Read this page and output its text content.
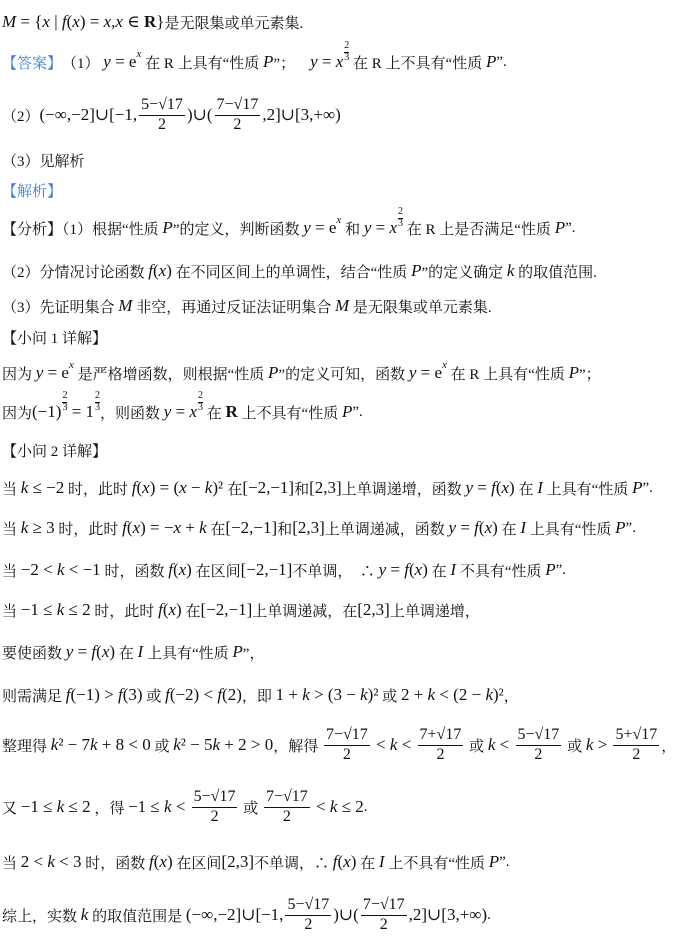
M = { x | f ( x ) = x,x ∈ R } 是无限集或单元素集.
【答案】 （1） y = e x
在 R 上具有“性质 P ”； y = x $\frac{2}{3}$
在 R 上不具有“性质 P ”.
（2） (−∞,−2]∪[−1, $\frac{5-√17}{2}$ )∪( $\frac{7-√17}{2}$ ,2]∪[3,+∞)
（3）见解析
【解析】
【分析】（1）根据“性质 P ”的定义，判断函数 y = e x
和 y = x $\frac{2}{3}$
在 R 上是否满足“性质 P ”.
（2）分情况讨论函数 f ( x ) 在不同区间上的单调性，结合“性质 P ”的定义确定 k 的取值范围.
（3）先证明集合 M 非空，再通过反证法证明集合 M 是无限集或单元素集.
【小问 1 详解】
因为 y = e x
是严格增函数，则根据“性质 P ”的定义可知，函数 y = e x
在 R 上具有“性质 P ”；
因为 $(-1) \frac{2}{3} = 1 \frac{2}{3}$
，则函数 y = x $\frac{2}{3}$
在 R 上不具有“性质 P ”.
【小问 2 详解】
当 k ≤ −2 时，此时 f ( x ) = ( x − k )² 在 [−2,−1] 和 [2,3] 上单调递增，函数 y = f ( x ) 在 I 上具有“性质 P ”.
当 k ≥ 3 时，此时 f ( x ) = − x + k 在 [−2,−1] 和 [2,3] 上单调递减，函数 y = f ( x ) 在 I 上具有“性质 P ”.
当 −2 < k < −1 时，函数 f ( x ) 在区间 [−2,−1] 不单调，  ∴ y = f ( x ) 在 I 不具有“性质 P ”.
当 −1 ≤ k ≤ 2 时，此时 f ( x ) 在 [−2,−1] 上单调递减，在 [2,3] 上单调递增，
要使函数 y = f ( x ) 在 I 上具有“性质 P ”，
则需满足 f (−1) > f (3) 或 f (−2) < f (2) ，即 1 + k > (3 − k )² 或 2 + k < (2 − k )² ，
整理得 k ² − 7 k + 8 < 0 或 k ² − 5 k + 2 > 0 ，解得 $\frac{7-√17}{2} < k < \frac{7+√17}{2}$ 或 $k < \frac{5-√17}{2}$ 或 $k > \frac{5+√17}{2}$ ，
又 −1 ≤ k ≤ 2 ，得 $-1 \le k < \frac{5-√17}{2}$ 或 $\frac{7-√17}{2} < k \le 2$ .
当 2 < k < 3 时，函数 f ( x ) 在区间 [2,3] 不单调，∴ f ( x ) 在 I 上不具有“性质 P ”.
综上，实数 k 的取值范围是 (−∞,−2]∪[−1, $\frac{5-√17}{2}$ )∪( $\frac{7-√17}{2}$ ,2]∪[3,+∞) .
